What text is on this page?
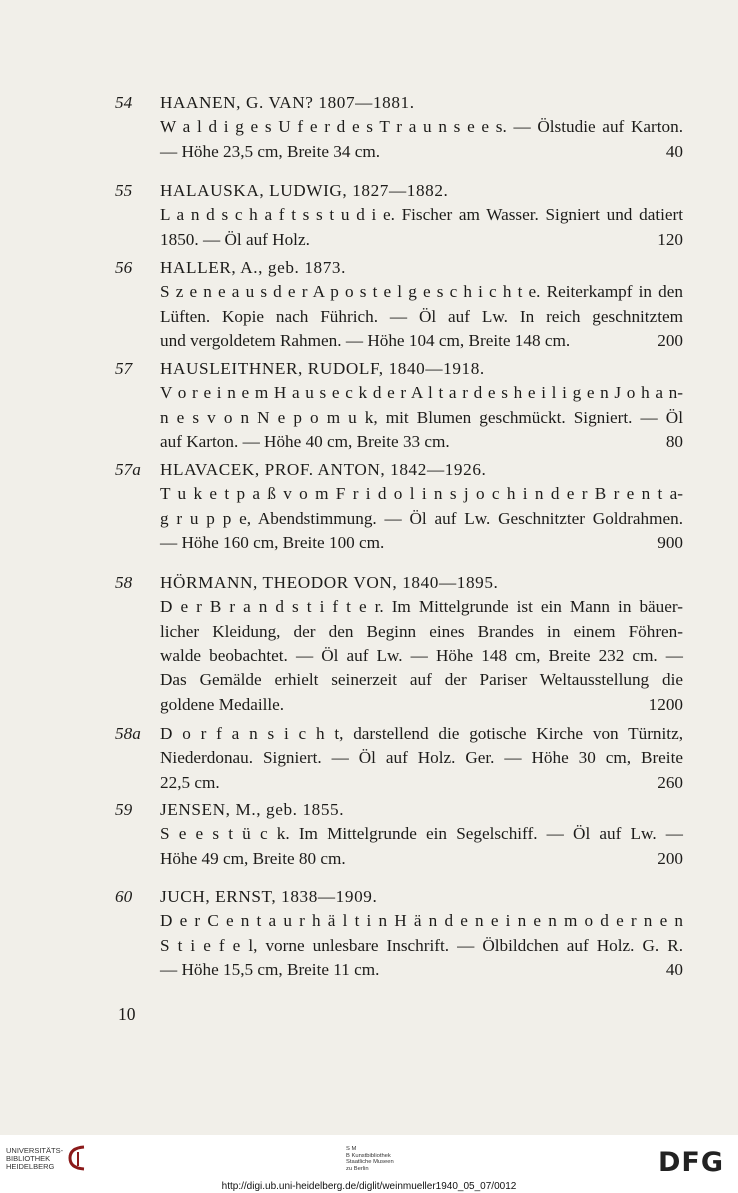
54	HAANEN, G. VAN? 1807—1881.
W a l d i g e s U f e r d e s T r a u n s e e s. — Ölstudie auf Karton.
— Höhe 23,5 cm, Breite 34 cm.	40
55	HALAUSKA, LUDWIG, 1827—1882.
L a n d s c h a f t s s t u d i e. Fischer am Wasser. Signiert und datiert
1850. — Öl auf Holz.	120
56	HALLER, A., geb. 1873.
S z e n e a u s d e r A p o s t e l g e s c h i c h t e. Reiterkampf in den
Lüften. Kopie nach Führich. — Öl auf Lw. In reich geschnitztem
und vergoldetem Rahmen. — Höhe 104 cm, Breite 148 cm.	200
57	HAUSLEITHNER, RUDOLF, 1840—1918.
V o r e i n e m H a u s e c k d e r A l t a r d e s h e i l i g e n J o h a n-
n e s v o n N e p o m u k, mit Blumen geschmückt. Signiert. — Öl
auf Karton. — Höhe 40 cm, Breite 33 cm.	80
57a	HLAVACEK, PROF. ANTON, 1842—1926.
T u k e t p a ß v o m F r i d o l i n s j o c h i n d e r B r e n t a-
g r u p p e, Abendstimmung. — Öl auf Lw. Geschnitzter Goldrahmen.
— Höhe 160 cm, Breite 100 cm.	900
58	HÖRMANN, THEODOR VON, 1840—1895.
D e r B r a n d s t i f t e r. Im Mittelgrunde ist ein Mann in bäuer-
licher Kleidung, der den Beginn eines Brandes in einem Föhren-
walde beobachtet. — Öl auf Lw. — Höhe 148 cm, Breite 232 cm. —
Das Gemälde erhielt seinerzeit auf der Pariser Weltausstellung die
goldene Medaille.	1200
58a	D o r f a n s i c h t, darstellend die gotische Kirche von Türnitz,
Niederdonau. Signiert. — Öl auf Holz. Ger. — Höhe 30 cm, Breite
22,5 cm.	260
59	JENSEN, M., geb. 1855.
S e e s t ü c k. Im Mittelgrunde ein Segelschiff. — Öl auf Lw. —
Höhe 49 cm, Breite 80 cm.	200
60	JUCH, ERNST, 1838—1909.
D e r C e n t a u r h ä l t i n H ä n d e n e i n e n m o d e r n e n
S t i e f e l, vorne unlesbare Inschrift. — Ölbildchen auf Holz. G. R.
— Höhe 15,5 cm, Breite 11 cm.	40
10
UNIVERSITÄTS-
BIBLIOTHEK
HEIDELBERG
S M
B Kunstbibliothek
Staatliche Museen
zu Berlin	DFG
http://digi.ub.uni-heidelberg.de/diglit/weinmueller1940_05_07/0012
